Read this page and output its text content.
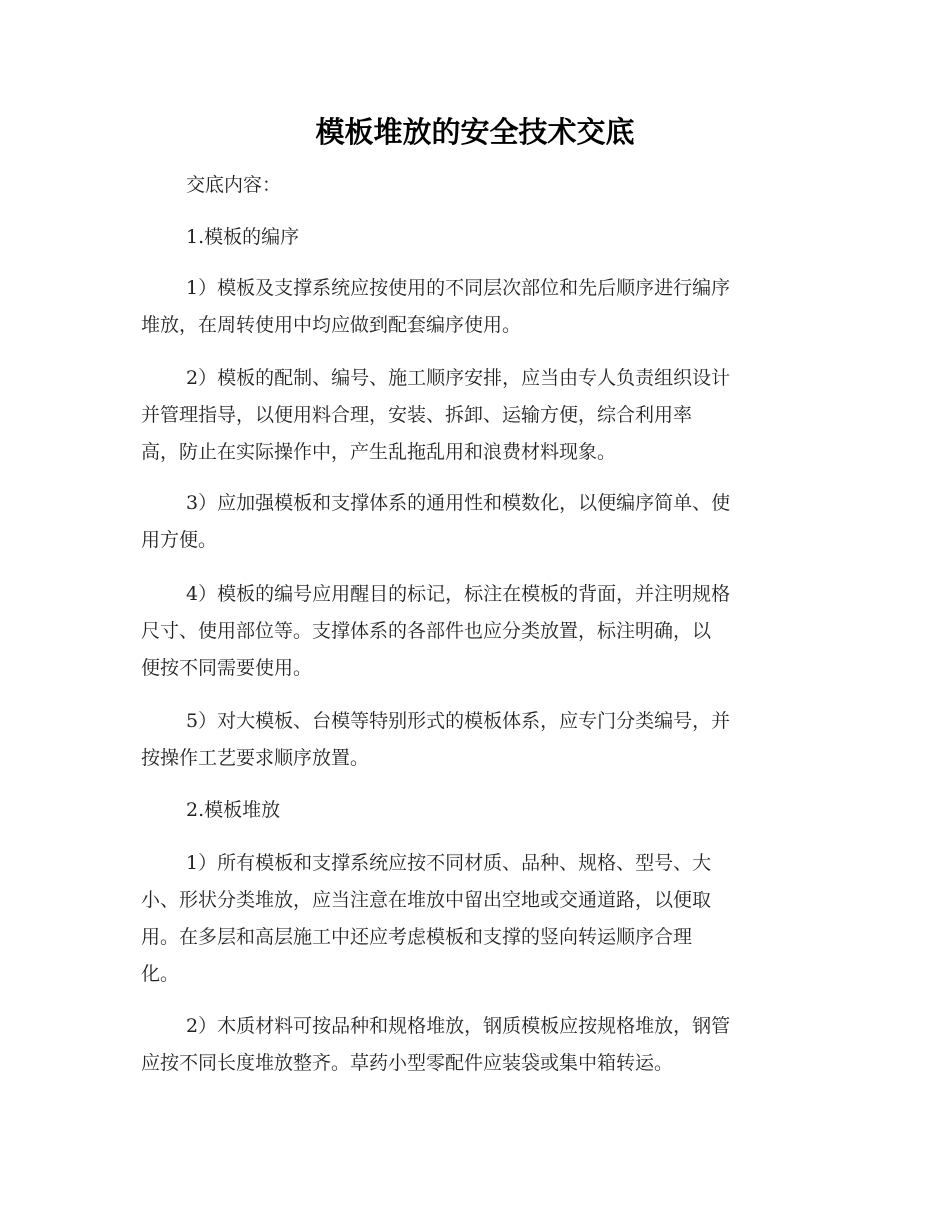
模板堆放的安全技术交底

交底内容：

1.模板的编序

1）模板及支撑系统应按使用的不同层次部位和先后顺序进行编序
堆放，在周转使用中均应做到配套编序使用。
2）模板的配制、编号、施工顺序安排，应当由专人负责组织设计
并管理指导，以便用料合理，安装、拆卸、运输方便，综合利用率
高，防止在实际操作中，产生乱拖乱用和浪费材料现象。
3）应加强模板和支撑体系的通用性和模数化，以便编序简单、使
用方便。
4）模板的编号应用醒目的标记，标注在模板的背面，并注明规格
尺寸、使用部位等。支撑体系的各部件也应分类放置，标注明确，以
便按不同需要使用。
5）对大模板、台模等特别形式的模板体系，应专门分类编号，并
按操作工艺要求顺序放置。

2.模板堆放

1）所有模板和支撑系统应按不同材质、品种、规格、型号、大
小、形状分类堆放，应当注意在堆放中留出空地或交通道路，以便取
用。在多层和高层施工中还应考虑模板和支撑的竖向转运顺序合理
化。
2）木质材料可按品种和规格堆放，钢质模板应按规格堆放，钢管
应按不同长度堆放整齐。草药小型零配件应装袋或集中箱转运。
